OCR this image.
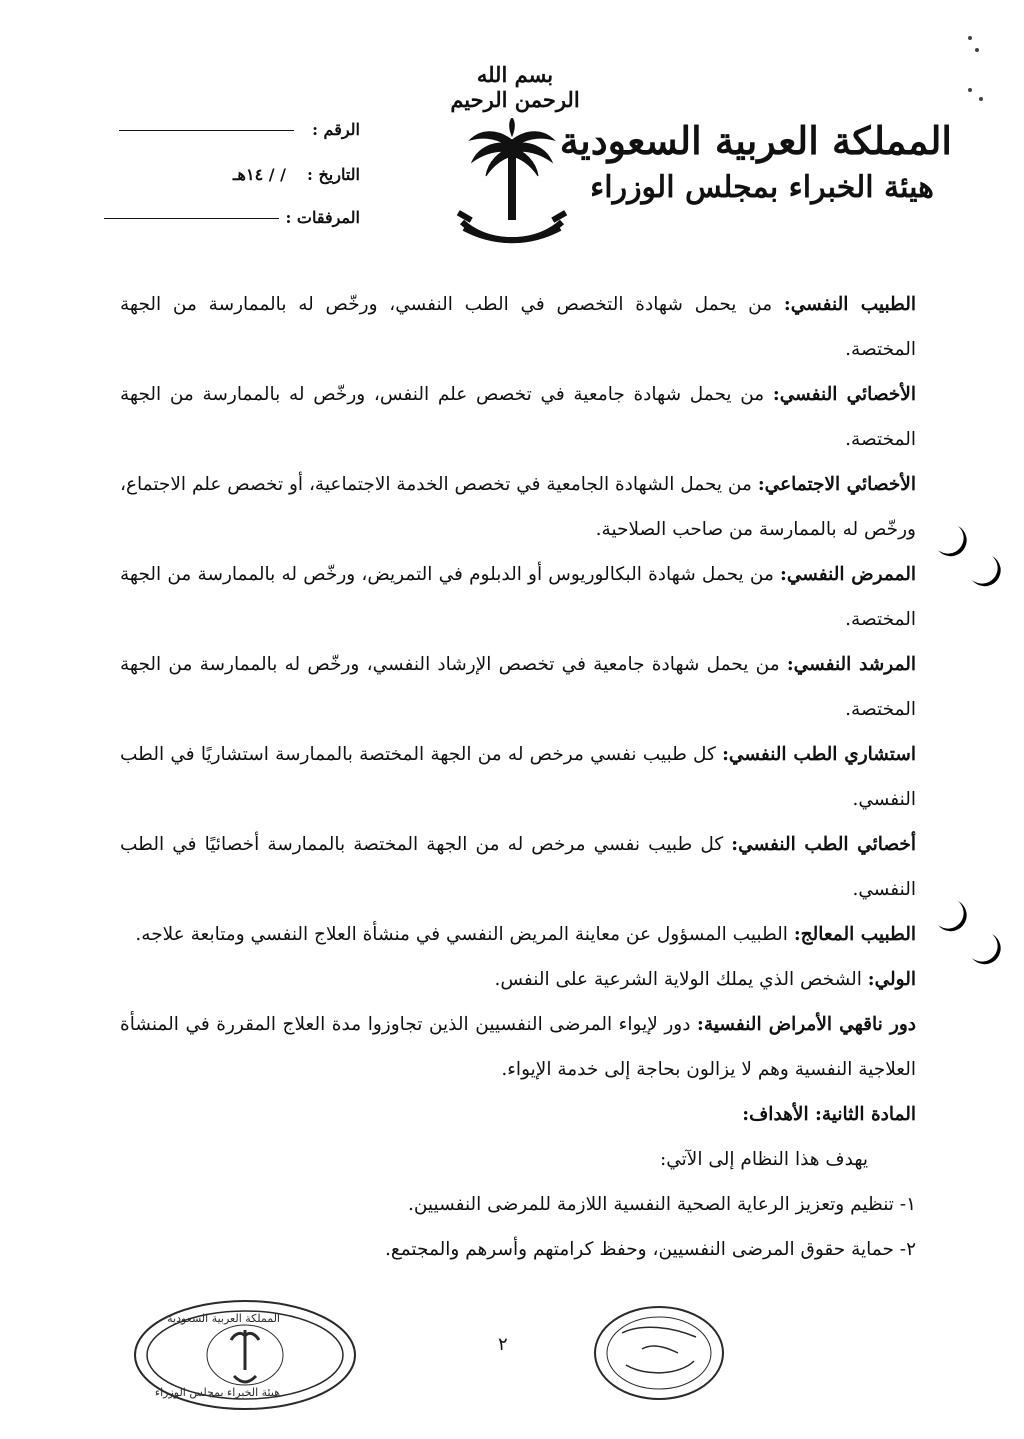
بسم الله الرحمن الرحيم
المملكة العربية السعودية
هيئة الخبراء بمجلس الوزراء
الرقم :
التاريخ :/ / ١٤هـ
المرفقات :

الطبيب النفسي: من يحمل شهادة التخصص في الطب النفسي، ورخّص له بالممارسة من الجهة المختصة.

الأخصائي النفسي: من يحمل شهادة جامعية في تخصص علم النفس، ورخّص له بالممارسة من الجهة المختصة.

الأخصائي الاجتماعي: من يحمل الشهادة الجامعية في تخصص الخدمة الاجتماعية، أو تخصص علم الاجتماع، ورخّص له بالممارسة من صاحب الصلاحية.

الممرض النفسي: من يحمل شهادة البكالوريوس أو الدبلوم في التمريض، ورخّص له بالممارسة من الجهة المختصة.

المرشد النفسي: من يحمل شهادة جامعية في تخصص الإرشاد النفسي، ورخّص له بالممارسة من الجهة المختصة.

استشاري الطب النفسي: كل طبيب نفسي مرخص له من الجهة المختصة بالممارسة استشاريًا في الطب النفسي.

أخصائي الطب النفسي: كل طبيب نفسي مرخص له من الجهة المختصة بالممارسة أخصائيًا في الطب النفسي.

الطبيب المعالج: الطبيب المسؤول عن معاينة المريض النفسي في منشأة العلاج النفسي ومتابعة علاجه.

الولي: الشخص الذي يملك الولاية الشرعية على النفس.

دور ناقهي الأمراض النفسية: دور لإيواء المرضى النفسيين الذين تجاوزوا مدة العلاج المقررة في المنشأة العلاجية النفسية وهم لا يزالون بحاجة إلى خدمة الإيواء.

المادة الثانية: الأهداف:

يهدف هذا النظام إلى الآتي:

١- تنظيم وتعزيز الرعاية الصحية النفسية اللازمة للمرضى النفسيين.

٢- حماية حقوق المرضى النفسيين، وحفظ كرامتهم وأسرهم والمجتمع.

٢
المملكة العربية السعودية
هيئة الخبراء بمجلس الوزراء
